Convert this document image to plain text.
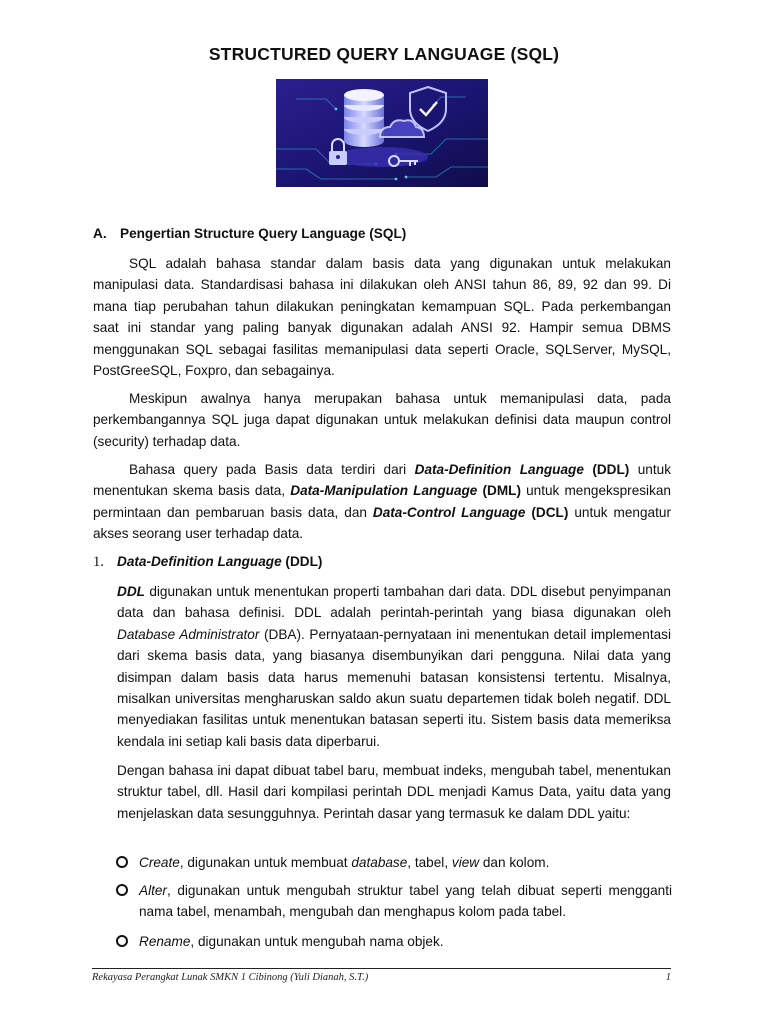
STRUCTURED QUERY LANGUAGE (SQL)
A. Pengertian Structure Query Language (SQL)

SQL adalah bahasa standar dalam basis data yang digunakan untuk melakukan manipulasi data. Standardisasi bahasa ini dilakukan oleh ANSI tahun 86, 89, 92 dan 99. Di mana tiap perubahan tahun dilakukan peningkatan kemampuan SQL. Pada perkembangan saat ini standar yang paling banyak digunakan adalah ANSI 92. Hampir semua DBMS menggunakan SQL sebagai fasilitas memanipulasi data seperti Oracle, SQLServer, MySQL, PostGreeSQL, Foxpro, dan sebagainya.

Meskipun awalnya hanya merupakan bahasa untuk memanipulasi data, pada perkembangannya SQL juga dapat digunakan untuk melakukan definisi data maupun control (security) terhadap data.

Bahasa query pada Basis data terdiri dari Data-Definition Language (DDL) untuk menentukan skema basis data, Data-Manipulation Language (DML) untuk mengekspresikan permintaan dan pembaruan basis data, dan Data-Control Language (DCL) untuk mengatur akses seorang user terhadap data.

1. Data-Definition Language (DDL)

DDL digunakan untuk menentukan properti tambahan dari data. DDL disebut penyimpanan data dan bahasa definisi. DDL adalah perintah-perintah yang biasa digunakan oleh Database Administrator (DBA). Pernyataan-pernyataan ini menentukan detail implementasi dari skema basis data, yang biasanya disembunyikan dari pengguna. Nilai data yang disimpan dalam basis data harus memenuhi batasan konsistensi tertentu. Misalnya, misalkan universitas mengharuskan saldo akun suatu departemen tidak boleh negatif. DDL menyediakan fasilitas untuk menentukan batasan seperti itu. Sistem basis data memeriksa kendala ini setiap kali basis data diperbarui.

Dengan bahasa ini dapat dibuat tabel baru, membuat indeks, mengubah tabel, menentukan struktur tabel, dll. Hasil dari kompilasi perintah DDL menjadi Kamus Data, yaitu data yang menjelaskan data sesungguhnya. Perintah dasar yang termasuk ke dalam DDL yaitu:

Create, digunakan untuk membuat database, tabel, view dan kolom.
Alter, digunakan untuk mengubah struktur tabel yang telah dibuat seperti mengganti nama tabel, menambah, mengubah dan menghapus kolom pada tabel.
Rename, digunakan untuk mengubah nama objek.
Rekayasa Perangkat Lunak SMKN 1 Cibinong (Yuli Dianah, S.T.)	1
